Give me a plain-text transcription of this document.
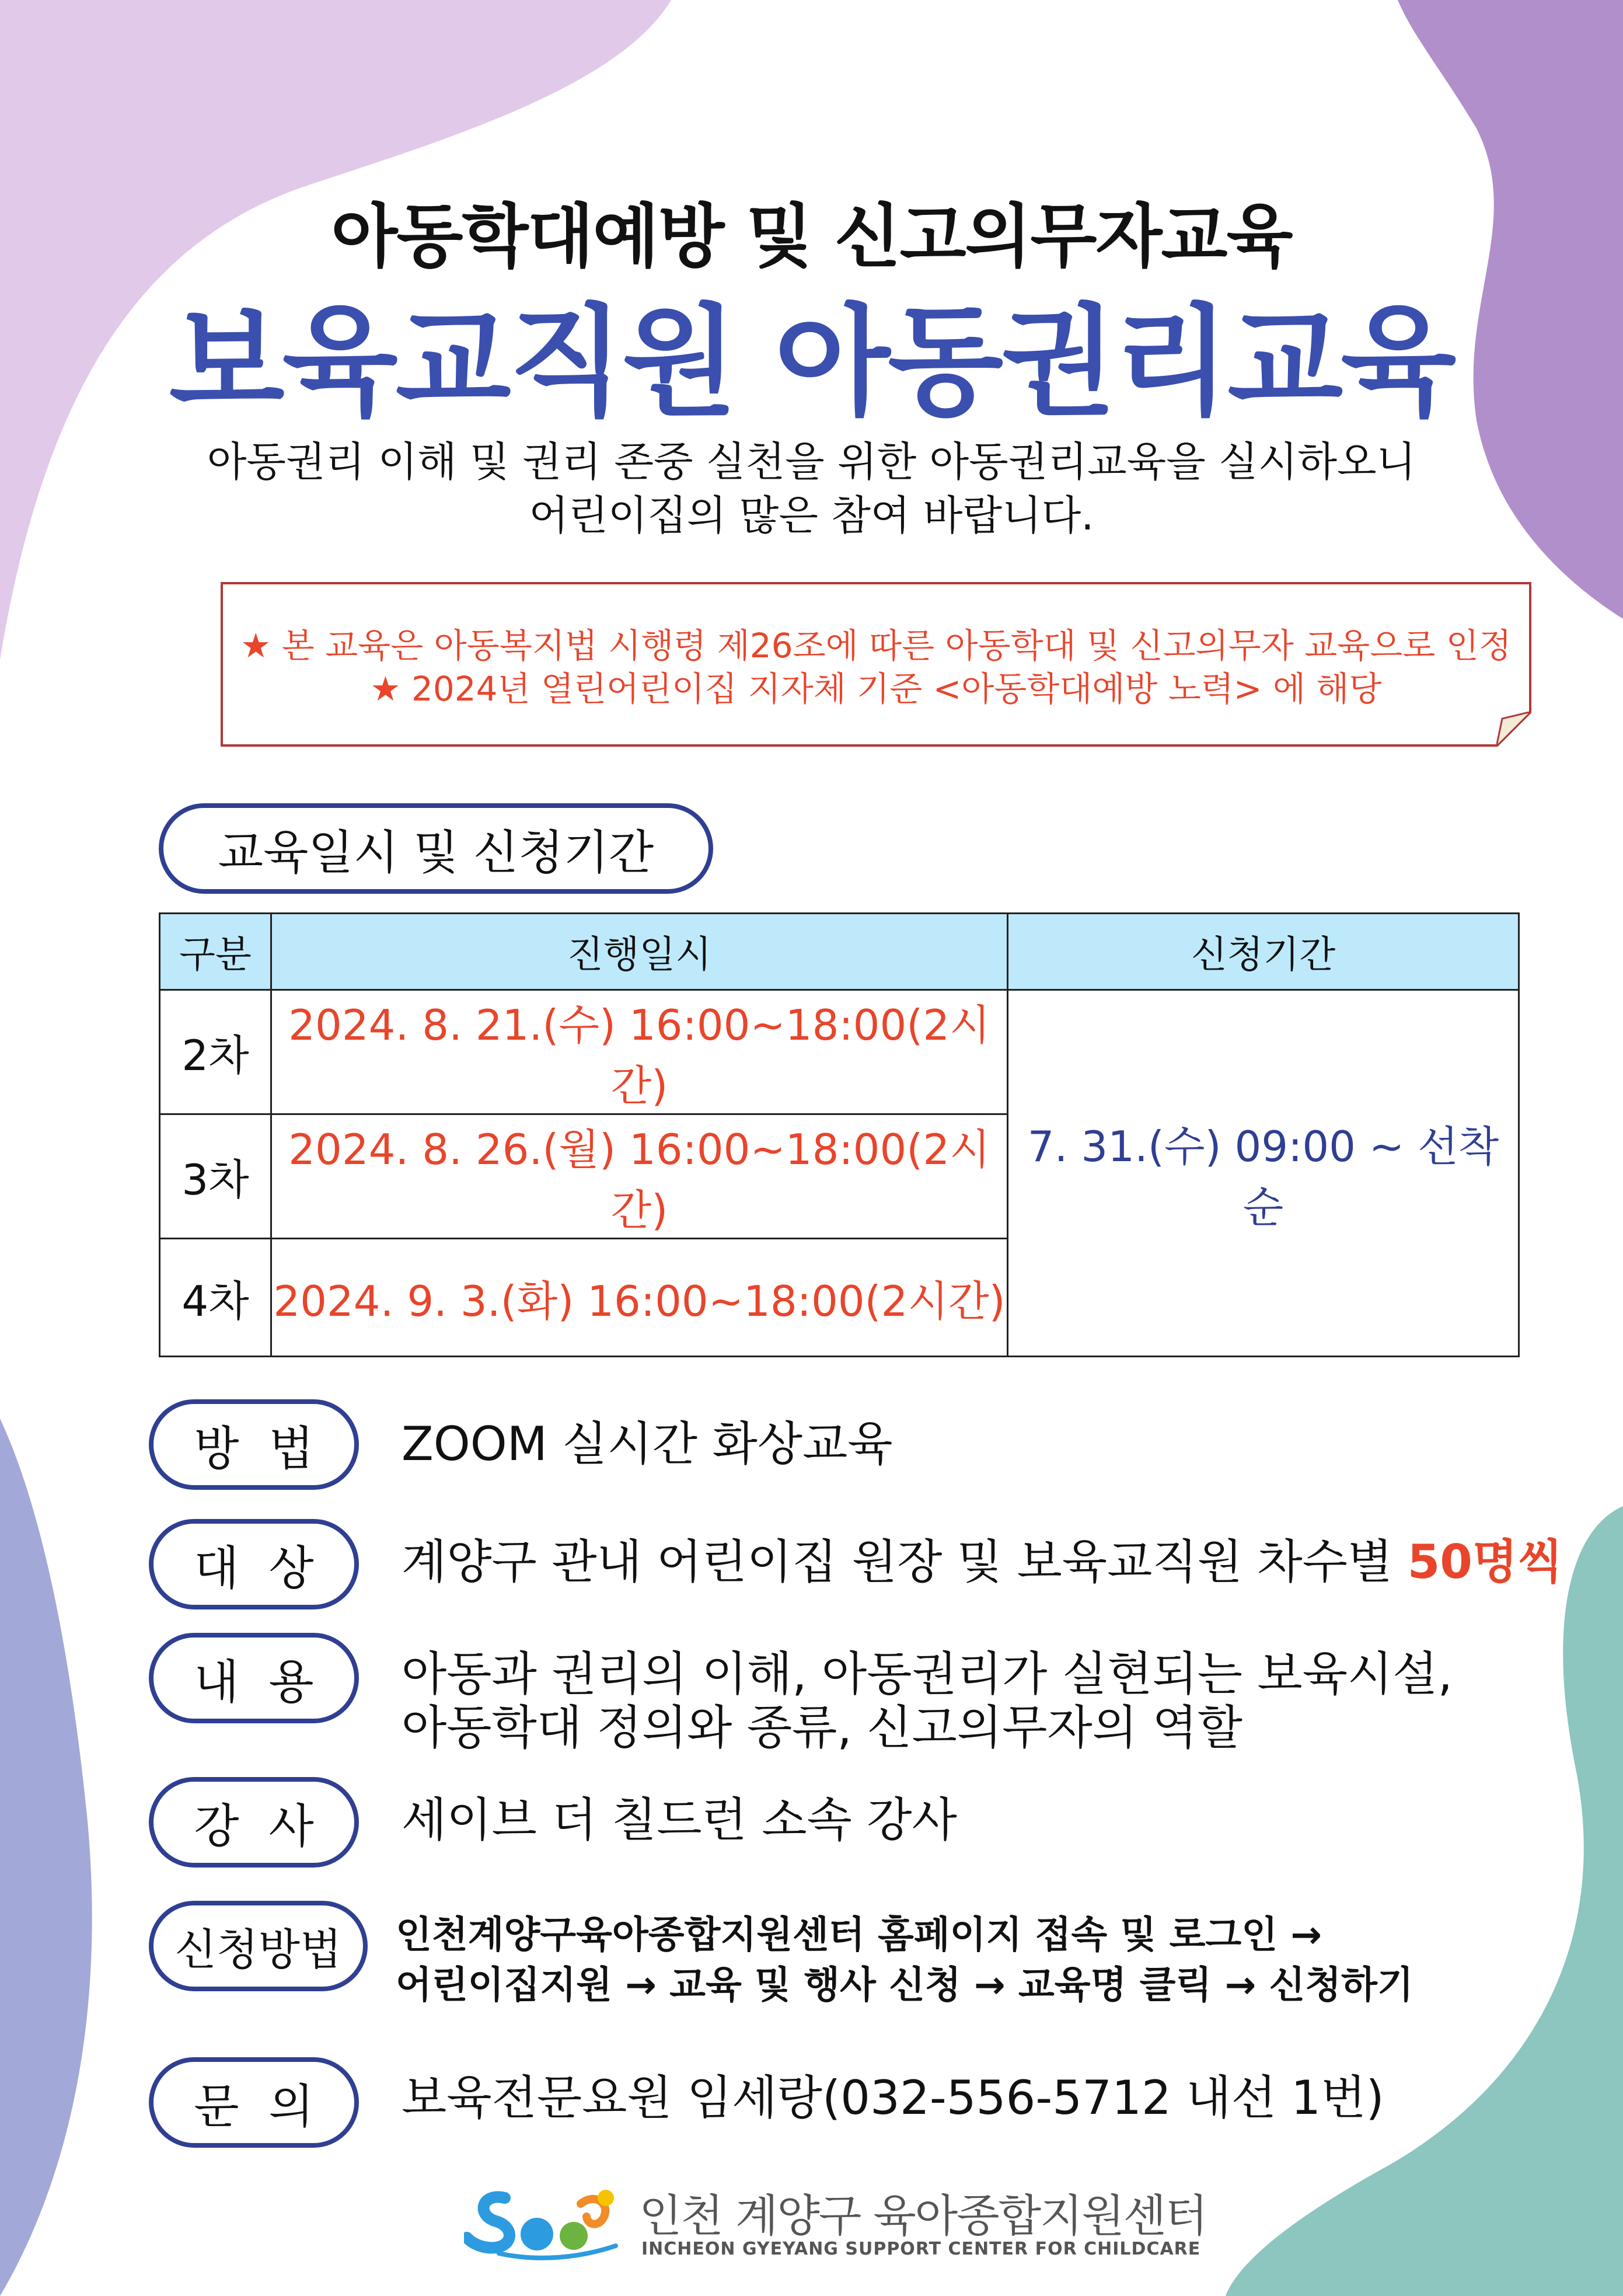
아동학대예방 및 신고의무자교육
보육교직원 아동권리교육
아동권리 이해 및 권리 존중 실천을 위한 아동권리교육을 실시하오니
어린이집의 많은 참여 바랍니다.
★ 본 교육은 아동복지법 시행령 제26조에 따른 아동학대 및 신고의무자 교육으로 인정
★ 2024년 열린어린이집 지자체 기준 <아동학대예방 노력> 에 해당
교육일시 및 신청기간
구분	진행일시	신청기간
2차	2024. 8. 21.(수) 16:00~18:00(2시간)	7. 31.(수) 09:00 ~ 선착순
3차	2024. 8. 26.(월) 16:00~18:00(2시간)	
4차	2024. 9. 3.(화) 16:00~18:00(2시간)	
방  법	ZOOM 실시간 화상교육
대  상	계양구 관내 어린이집 원장 및 보육교직원 차수별 50명씩
내  용	아동과 권리의 이해, 아동권리가 실현되는 보육시설,
아동학대 정의와 종류, 신고의무자의 역할
강  사	세이브 더 칠드런 소속 강사
신청방법	인천계양구육아종합지원센터 홈페이지 접속 및 로그인 →
어린이집지원 → 교육 및 행사 신청 → 교육명 클릭 → 신청하기
문  의	보육전문요원 임세랑(032-556-5712 내선 1번)
인천 계양구 육아종합지원센터
INCHEON GYEYANG SUPPORT CENTER FOR CHILDCARE
